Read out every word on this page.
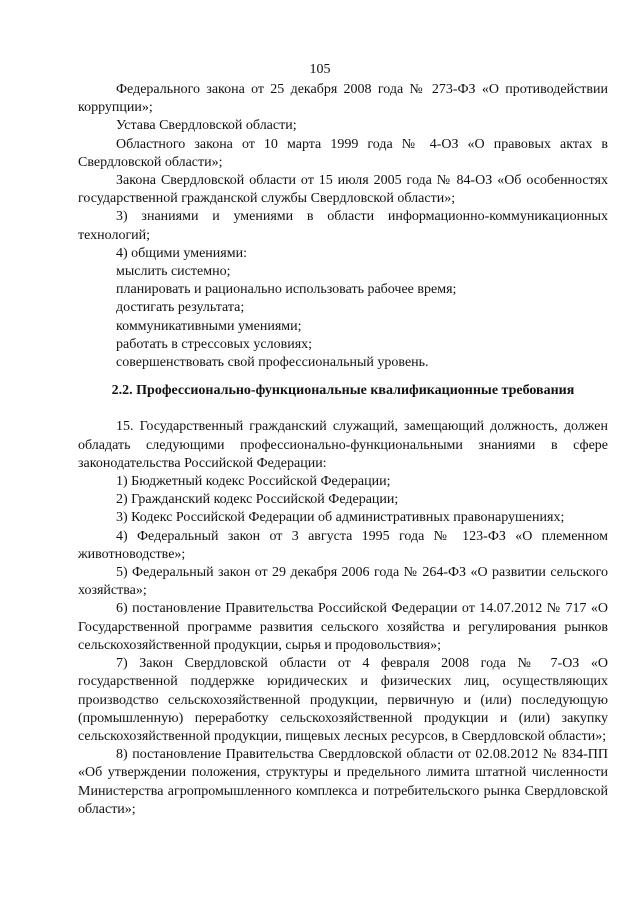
105

Федерального закона от 25 декабря 2008 года № 273-ФЗ «О противодействии коррупции»;

Устава Свердловской области;

Областного закона от 10 марта 1999 года № 4-ОЗ «О правовых актах в Свердловской области»;

Закона Свердловской области от 15 июля 2005 года № 84-ОЗ «Об особенностях государственной гражданской службы Свердловской области»;

3) знаниями и умениями в области информационно-коммуникационных технологий;

4) общими умениями:

мыслить системно;

планировать и рационально использовать рабочее время;

достигать результата;

коммуникативными умениями;

работать в стрессовых условиях;

совершенствовать свой профессиональный уровень.

2.2. Профессионально-функциональные квалификационные требования

15. Государственный гражданский служащий, замещающий должность, должен обладать следующими профессионально-функциональными знаниями в сфере законодательства Российской Федерации:

1) Бюджетный кодекс Российской Федерации;

2) Гражданский кодекс Российской Федерации;

3) Кодекс Российской Федерации об административных правонарушениях;

4) Федеральный закон от 3 августа 1995 года № 123-ФЗ «О племенном животноводстве»;

5) Федеральный закон от 29 декабря 2006 года № 264-ФЗ «О развитии сельского хозяйства»;

6) постановление Правительства Российской Федерации от 14.07.2012 № 717 «О Государственной программе развития сельского хозяйства и регулирования рынков сельскохозяйственной продукции, сырья и продовольствия»;

7) Закон Свердловской области от 4 февраля 2008 года № 7-ОЗ «О государственной поддержке юридических и физических лиц, осуществляющих производство сельскохозяйственной продукции, первичную и (или) последующую (промышленную) переработку сельскохозяйственной продукции и (или) закупку сельскохозяйственной продукции, пищевых лесных ресурсов, в Свердловской области»;

8) постановление Правительства Свердловской области от 02.08.2012 № 834-ПП «Об утверждении положения, структуры и предельного лимита штатной численности Министерства агропромышленного комплекса и потребительского рынка Свердловской области»;
